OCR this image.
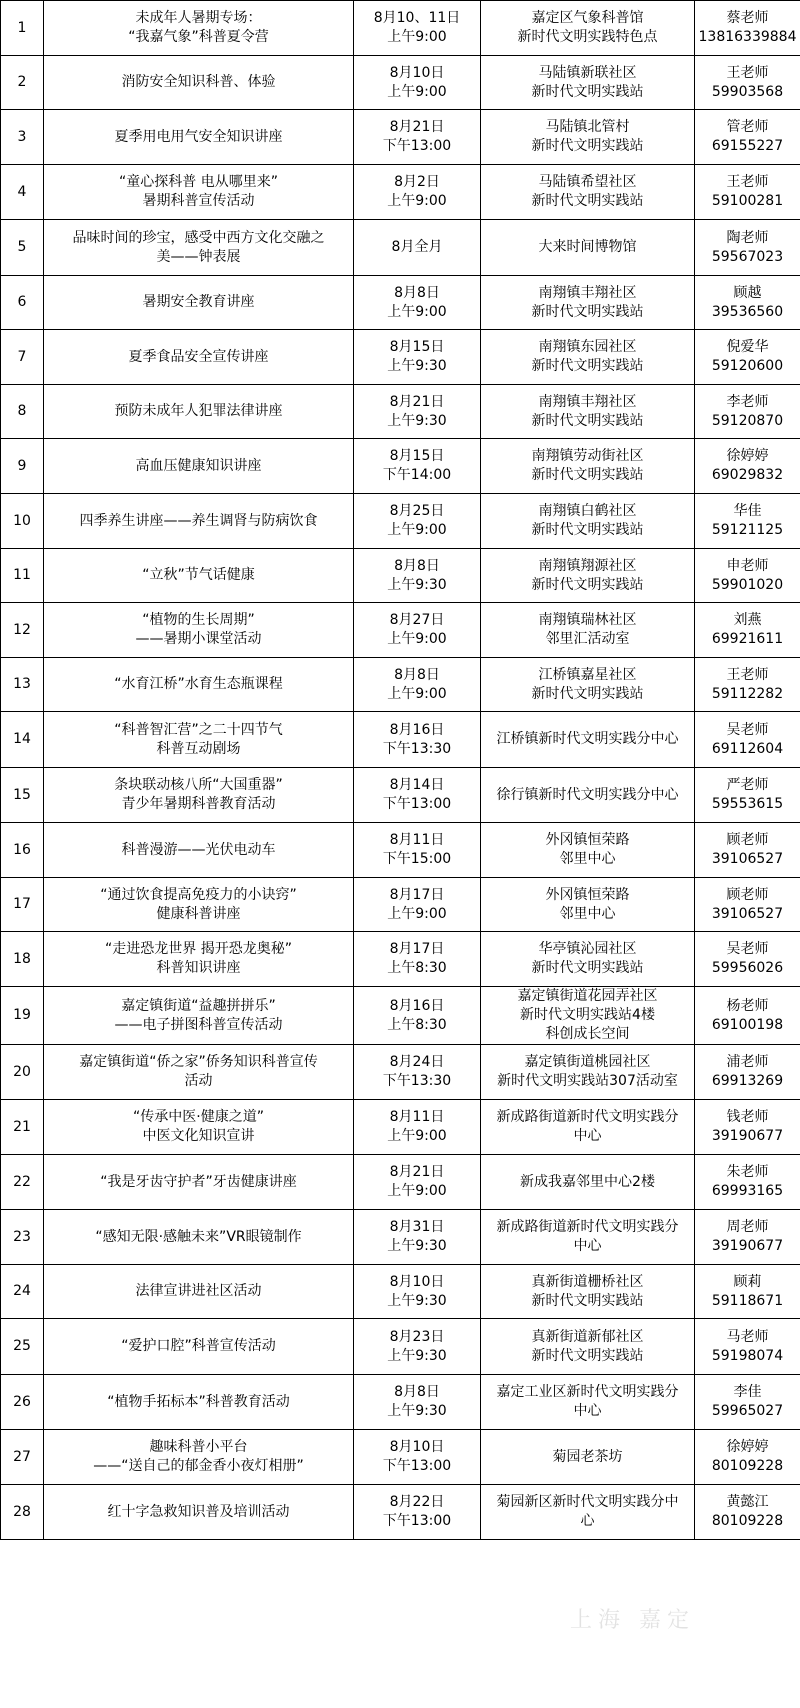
1	未成年人暑期专场：
“我嘉气象”科普夏令营	8月10、11日
上午9:00	嘉定区气象科普馆
新时代文明实践特色点	蔡老师
13816339884

2	消防安全知识科普、体验	8月10日
上午9:00	马陆镇新联社区
新时代文明实践站	王老师
59903568

3	夏季用电用气安全知识讲座	8月21日
下午13:00	马陆镇北管村
新时代文明实践站	管老师
69155227

4	“童心探科普 电从哪里来”
暑期科普宣传活动	8月2日
上午9:00	马陆镇希望社区
新时代文明实践站	王老师
59100281

5	品味时间的珍宝，感受中西方文化交融之
美——钟表展	8月全月	大来时间博物馆	陶老师
59567023

6	暑期安全教育讲座	8月8日
上午9:00	南翔镇丰翔社区
新时代文明实践站	顾越
39536560

7	夏季食品安全宣传讲座	8月15日
上午9:30	南翔镇东园社区
新时代文明实践站	倪爱华
59120600

8	预防未成年人犯罪法律讲座	8月21日
上午9:30	南翔镇丰翔社区
新时代文明实践站	李老师
59120870

9	高血压健康知识讲座	8月15日
下午14:00	南翔镇劳动街社区
新时代文明实践站	徐婷婷
69029832

10	四季养生讲座——养生调肾与防病饮食	8月25日
上午9:00	南翔镇白鹤社区
新时代文明实践站	华佳
59121125

11	“立秋”节气话健康	8月8日
上午9:30	南翔镇翔源社区
新时代文明实践站	申老师
59901020

12	“植物的生长周期”
——暑期小课堂活动	8月27日
上午9:00	南翔镇瑞林社区
邻里汇活动室	刘燕
69921611

13	“水育江桥”水育生态瓶课程	8月8日
上午9:00	江桥镇嘉星社区
新时代文明实践站	王老师
59112282

14	“科普智汇营”之二十四节气
科普互动剧场	8月16日
下午13:30	江桥镇新时代文明实践分中心	吴老师
69112604

15	条块联动核八所“大国重器”
青少年暑期科普教育活动	8月14日
下午13:00	徐行镇新时代文明实践分中心	严老师
59553615

16	科普漫游——光伏电动车	8月11日
下午15:00	外冈镇恒荣路
邻里中心	顾老师
39106527

17	“通过饮食提高免疫力的小诀窍”
健康科普讲座	8月17日
上午9:00	外冈镇恒荣路
邻里中心	顾老师
39106527

18	“走进恐龙世界 揭开恐龙奥秘”
科普知识讲座	8月17日
上午8:30	华亭镇沁园社区
新时代文明实践站	吴老师
59956026

19	嘉定镇街道“益趣拼拼乐”
——电子拼图科普宣传活动	8月16日
上午8:30	嘉定镇街道花园弄社区
新时代文明实践站4楼
科创成长空间	杨老师
69100198

20	嘉定镇街道“侨之家”侨务知识科普宣传
活动	8月24日
下午13:30	嘉定镇街道桃园社区
新时代文明实践站307活动室	浦老师
69913269

21	“传承中医·健康之道”
中医文化知识宣讲	8月11日
上午9:00	新成路街道新时代文明实践分
中心	钱老师
39190677

22	“我是牙齿守护者”牙齿健康讲座	8月21日
上午9:00	新成我嘉邻里中心2楼	朱老师
69993165

23	“感知无限·感触未来”VR眼镜制作	8月31日
上午9:30	新成路街道新时代文明实践分
中心	周老师
39190677

24	法律宣讲进社区活动	8月10日
上午9:30	真新街道栅桥社区
新时代文明实践站	顾莉
59118671

25	“爱护口腔”科普宣传活动	8月23日
上午9:30	真新街道新郁社区
新时代文明实践站	马老师
59198074

26	“植物手拓标本”科普教育活动	8月8日
上午9:30	嘉定工业区新时代文明实践分
中心	李佳
59965027

27	趣味科普小平台
——“送自己的郁金香小夜灯相册”	8月10日
下午13:00	菊园老茶坊	徐婷婷
80109228

28	红十字急救知识普及培训活动	8月22日
下午13:00	菊园新区新时代文明实践分中
心	黄懿江
80109228
上海 嘉定
